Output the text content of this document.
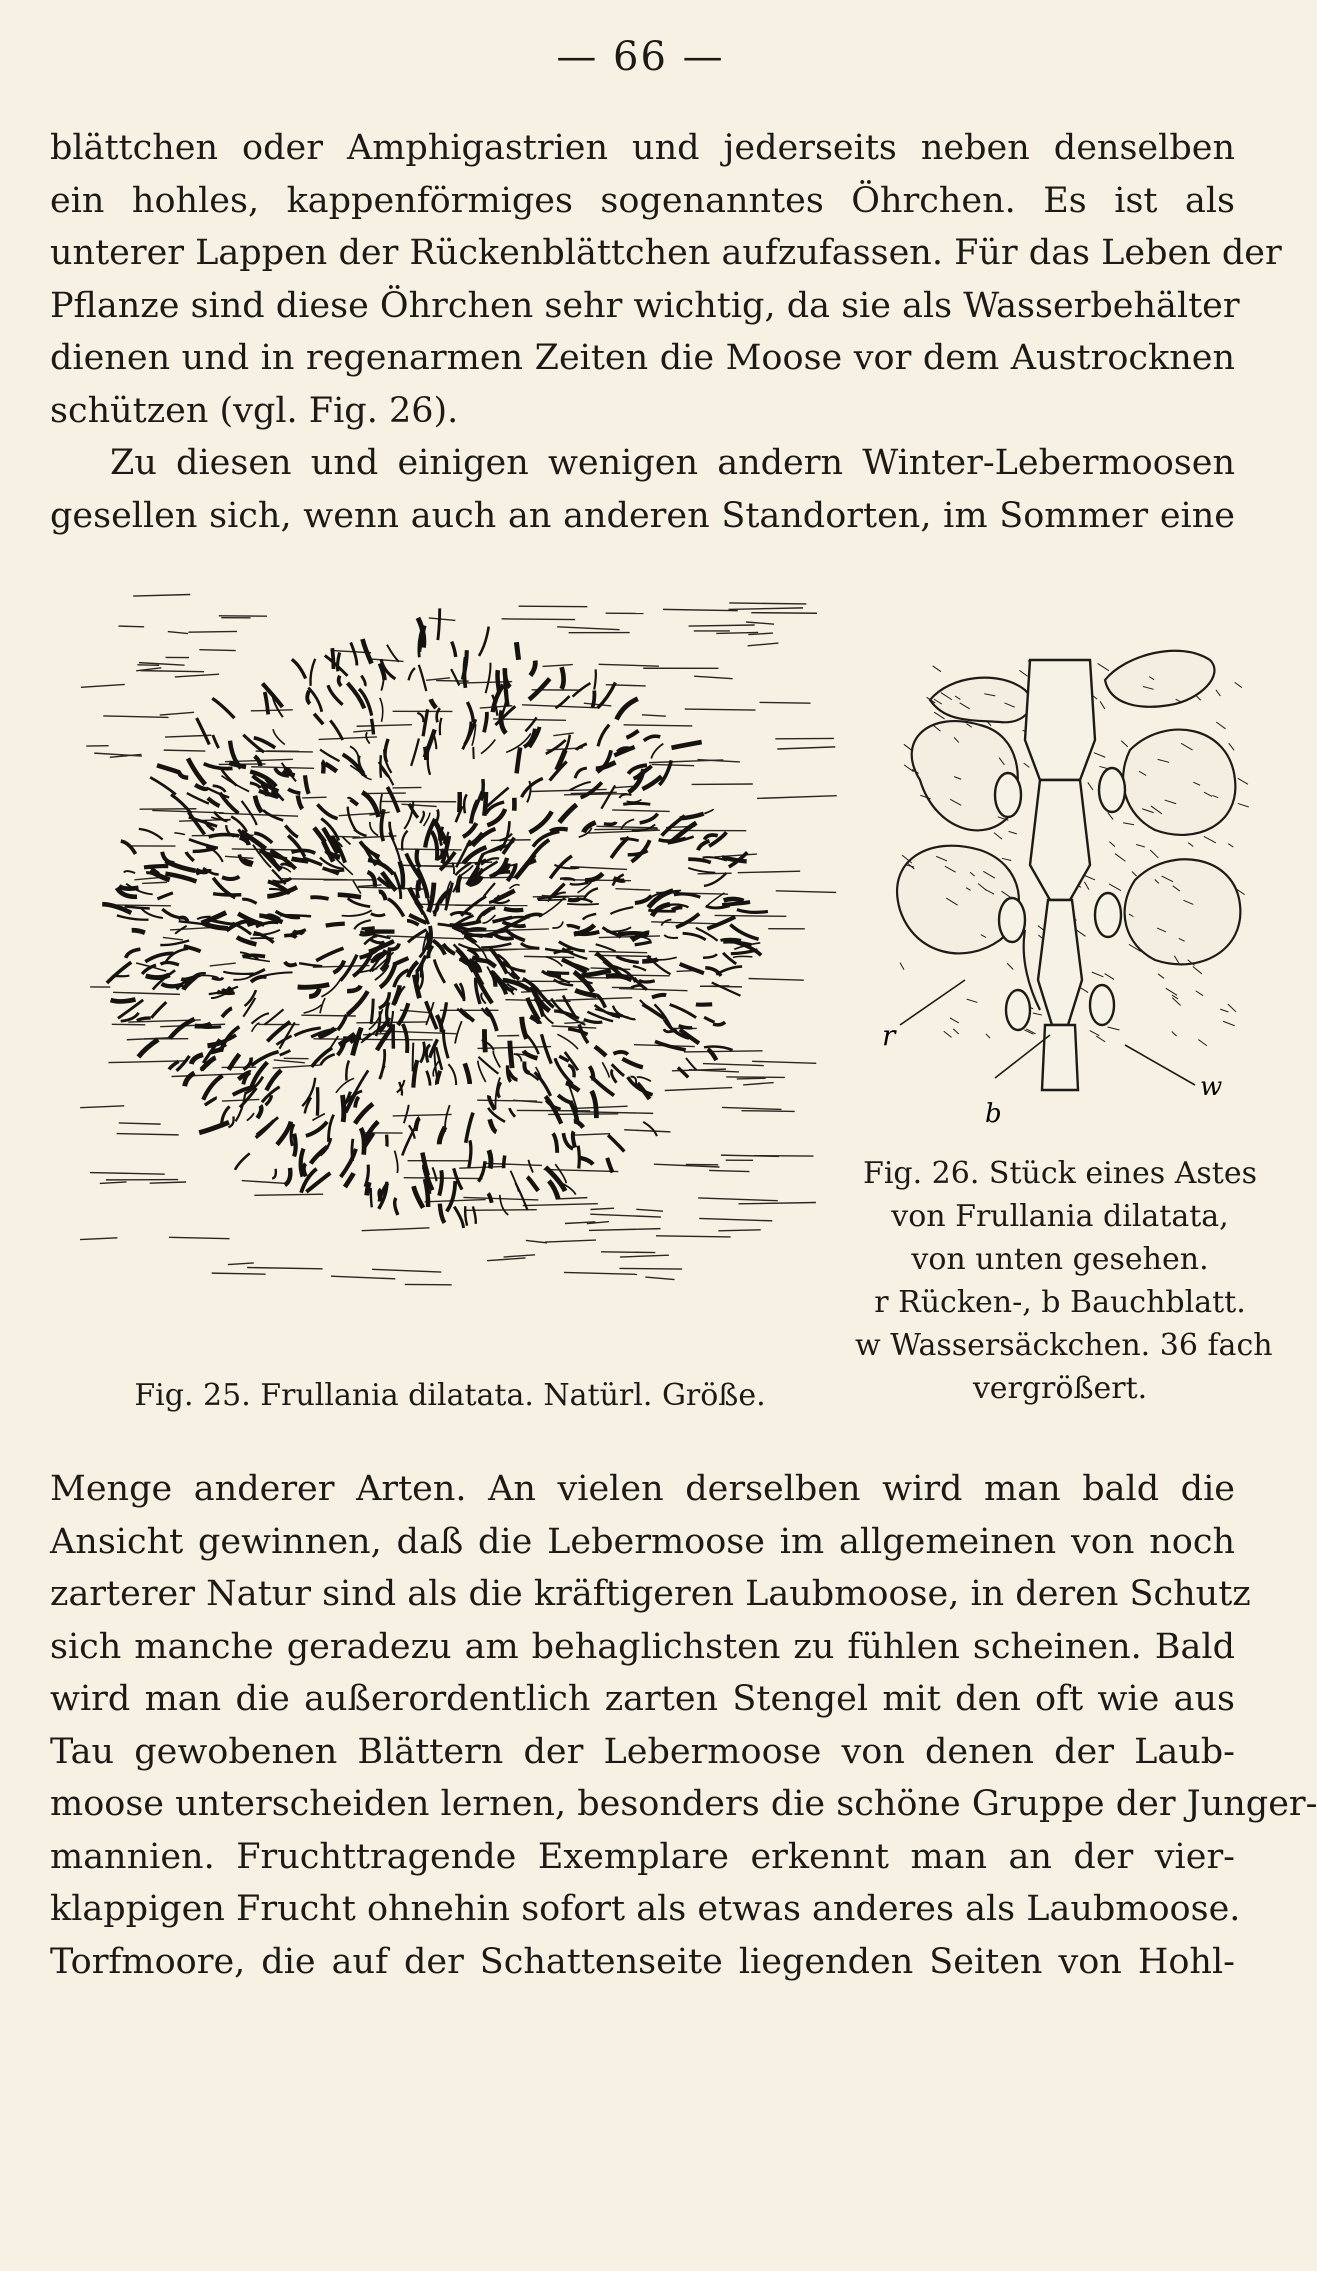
— 66 —
blättchen oder Amphigastrien und jederseits neben denselben
ein hohles, kappenförmiges sogenanntes Öhrchen. Es ist als
unterer Lappen der Rückenblättchen aufzufassen. Für das Leben der
Pflanze sind diese Öhrchen sehr wichtig, da sie als Wasserbehälter
dienen und in regenarmen Zeiten die Moose vor dem Austrocknen
schützen (vgl. Fig. 26).
Zu diesen und einigen wenigen andern Winter-Lebermoosen
gesellen sich, wenn auch an anderen Standorten, im Sommer eine
r
b
w
Fig. 25. Frullania dilatata. Natürl. Größe.
Fig. 26. Stück eines Astes
von Frullania dilatata,
von unten gesehen.
r Rücken-, b Bauchblatt.
w Wassersäckchen. 36 fach
vergrößert.
Menge anderer Arten. An vielen derselben wird man bald die
Ansicht gewinnen, daß die Lebermoose im allgemeinen von noch
zarterer Natur sind als die kräftigeren Laubmoose, in deren Schutz
sich manche geradezu am behaglichsten zu fühlen scheinen. Bald
wird man die außerordentlich zarten Stengel mit den oft wie aus
Tau gewobenen Blättern der Lebermoose von denen der Laub-
moose unterscheiden lernen, besonders die schöne Gruppe der Junger-
mannien. Fruchttragende Exemplare erkennt man an der vier-
klappigen Frucht ohnehin sofort als etwas anderes als Laubmoose.
Torfmoore, die auf der Schattenseite liegenden Seiten von Hohl-
